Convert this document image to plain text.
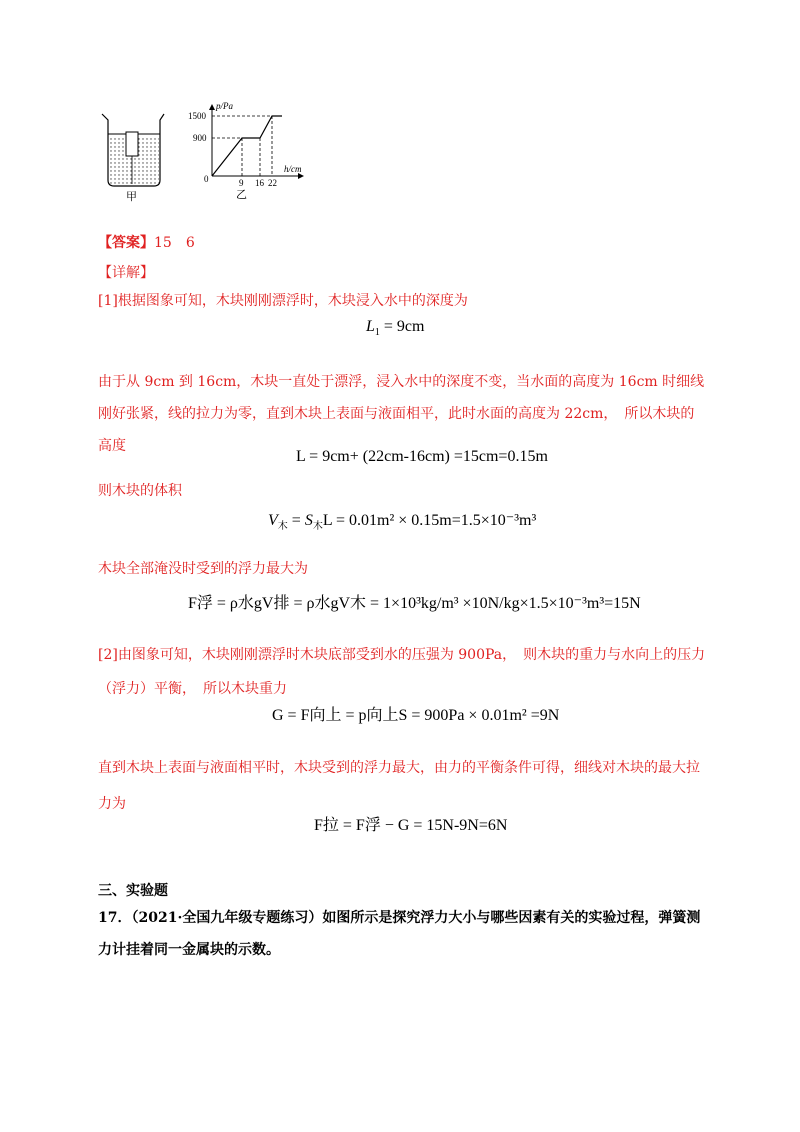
p/Pa
h/cm
1500
900
0	9 16 22
乙
甲
【答案】15　6
【详解】
[1]根据图象可知，木块刚刚漂浮时，木块浸入水中的深度为
$L_1 = 9cm$
由于从 9cm 到 16cm，木块一直处于漂浮，浸入水中的深度不变，当水面的高度为 16cm 时细线刚好张紧，线的拉力为零，直到木块上表面与液面相平，此时水面的高度为 22cm，　所以木块的高度
L = 9cm+ (22cm-16cm) =15cm=0.15m
则木块的体积
$V_木 = S_木L = 0.01m^2 \times 0.15m=1.5\times 10^{-3}m^3$
木块全部淹没时受到的浮力最大为
F浮 = ρ水gV排 = ρ水gV木 = 1×10³kg/m³ ×10N/kg×1.5×10⁻³m³=15N
[2]由图象可知，木块刚刚漂浮时木块底部受到水的压强为 900Pa，　则木块的重力与水向上的压力（浮力）平衡，　所以木块重力
G = F向上 = p向上S = 900Pa × 0.01m² =9N
直到木块上表面与液面相平时，木块受到的浮力最大，由力的平衡条件可得，细线对木块的最大拉力为
F拉 = F浮 − G = 15N-9N=6N
三、实验题
17．（2021·全国九年级专题练习）如图所示是探究浮力大小与哪些因素有关的实验过程，弹簧测力计挂着同一金属块的示数。
